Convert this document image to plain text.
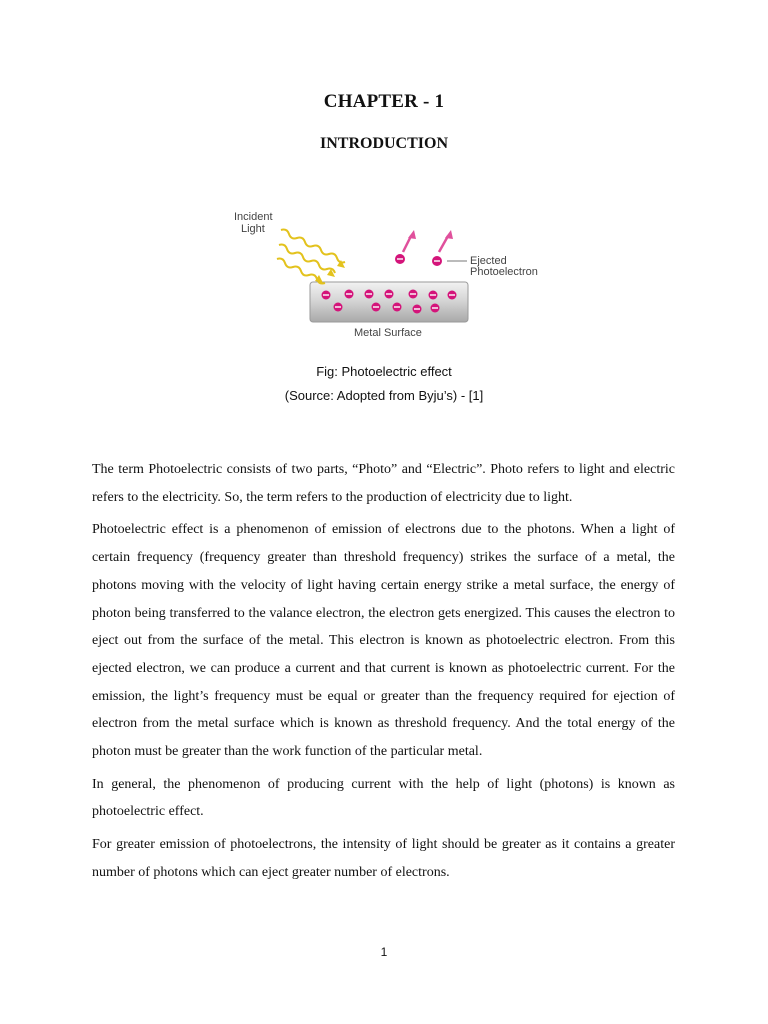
CHAPTER - 1
INTRODUCTION
Incident
Light
Ejected
Photoelectron
Metal Surface
Fig: Photoelectric effect
(Source: Adopted from Byju’s) - [1]

The term Photoelectric consists of two parts, “Photo” and “Electric”. Photo refers to light and electric refers to the electricity. So, the term refers to the production of electricity due to light.

Photoelectric effect is a phenomenon of emission of electrons due to the photons. When a light of certain frequency (frequency greater than threshold frequency) strikes the surface of a metal, the photons moving with the velocity of light having certain energy strike a metal surface, the energy of photon being transferred to the valance electron, the electron gets energized. This causes the electron to eject out from the surface of the metal. This electron is known as photoelectric electron. From this ejected electron, we can produce a current and that current is known as photoelectric current. For the emission, the light’s frequency must be equal or greater than the frequency required for ejection of electron from the metal surface which is known as threshold frequency. And the total energy of the photon must be greater than the work function of the particular metal.

In general, the phenomenon of producing current with the help of light (photons) is known as photoelectric effect.

For greater emission of photoelectrons, the intensity of light should be greater as it contains a greater number of photons which can eject greater number of electrons.

1
